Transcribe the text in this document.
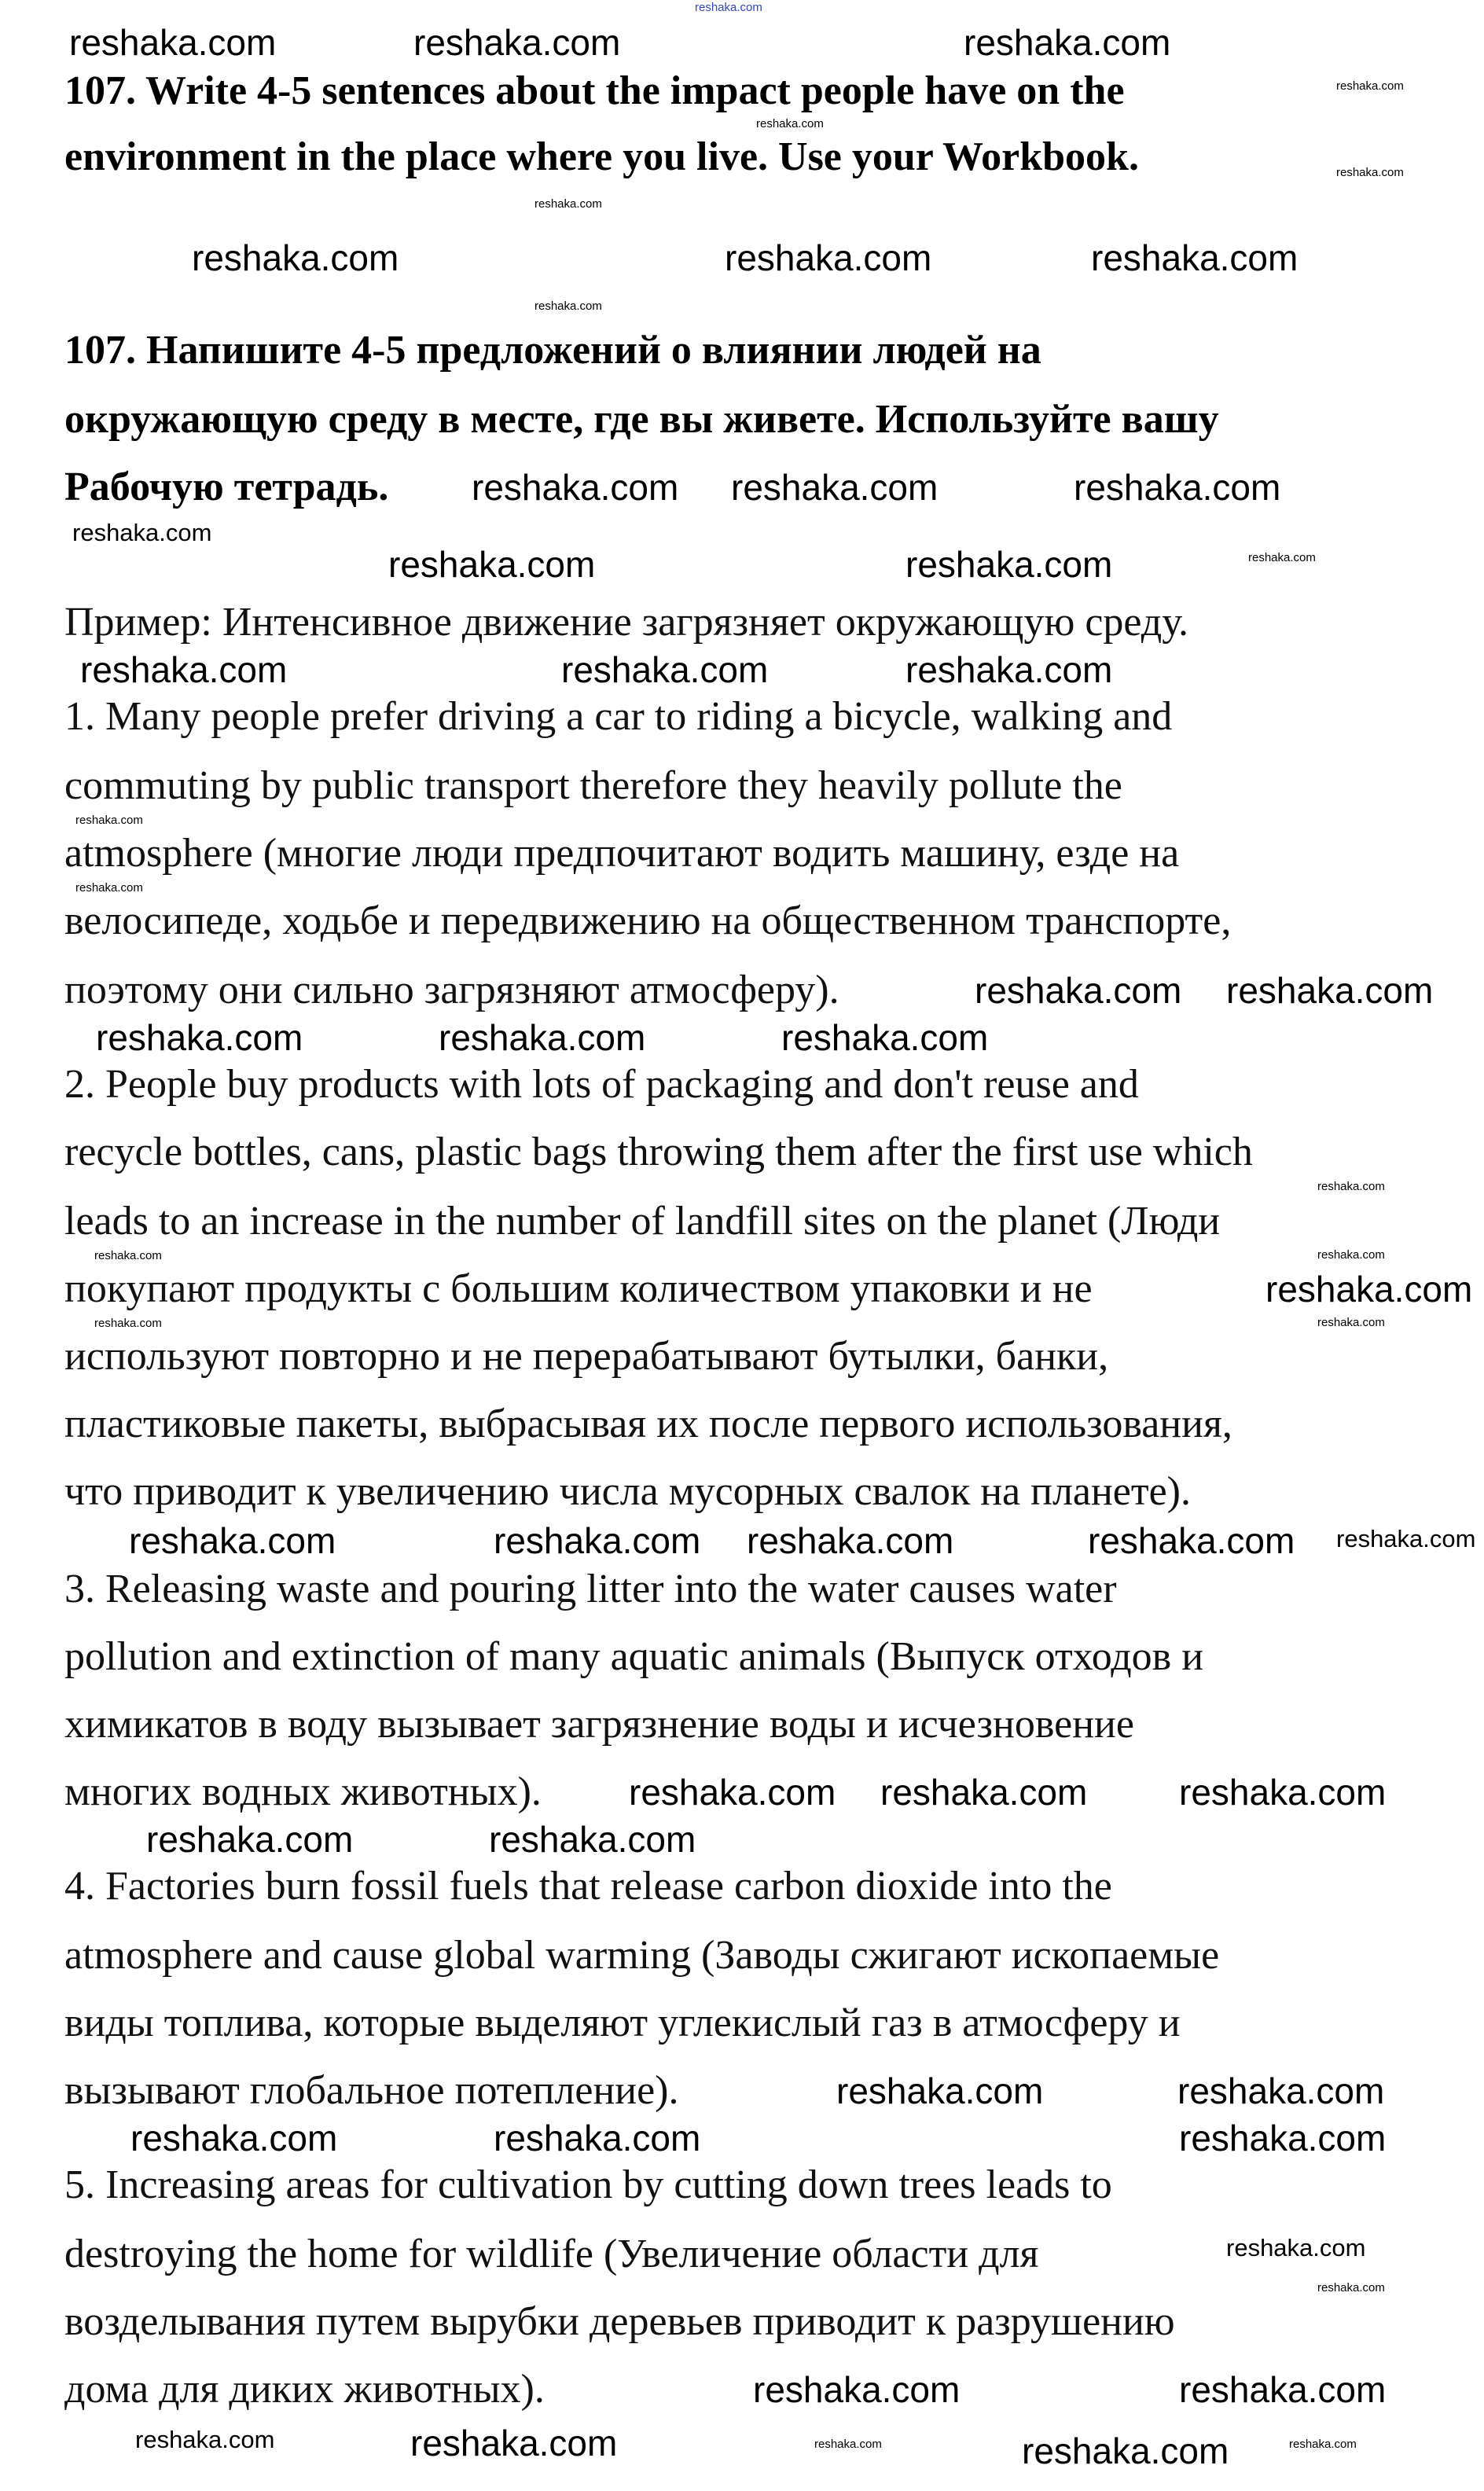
reshaka.com
107. Write 4-5 sentences about the impact people have on the
environment in the place where you live. Use your Workbook.
107. Напишите 4-5 предложений о влиянии людей на
окружающую среду в месте, где вы живете. Используйте вашу
Рабочую тетрадь.
Пример: Интенсивное движение загрязняет окружающую среду.
1. Many people prefer driving a car to riding a bicycle, walking and
commuting by public transport therefore they heavily pollute the
atmosphere (многие люди предпочитают водить машину, езде на
велосипеде, ходьбе и передвижению на общественном транспорте,
поэтому они сильно загрязняют атмосферу).
2. People buy products with lots of packaging and don't reuse and
recycle bottles, cans, plastic bags throwing them after the first use which
leads to an increase in the number of landfill sites on the planet (Люди
покупают продукты с большим количеством упаковки и не
используют повторно и не перерабатывают бутылки, банки,
пластиковые пакеты, выбрасывая их после первого использования,
что приводит к увеличению числа мусорных свалок на планете).
3. Releasing waste and pouring litter into the water causes water
pollution and extinction of many aquatic animals (Выпуск отходов и
химикатов в воду вызывает загрязнение воды и исчезновение
многих водных животных).
4. Factories burn fossil fuels that release carbon dioxide into the
atmosphere and cause global warming (Заводы сжигают ископаемые
виды топлива, которые выделяют углекислый газ в атмосферу и
вызывают глобальное потепление).
5. Increasing areas for cultivation by cutting down trees leads to
destroying the home for wildlife (Увеличение области для
возделывания путем вырубки деревьев приводит к разрушению
дома для диких животных).
reshaka.com	reshaka.com	reshaka.com
reshaka.com
reshaka.com
reshaka.com
reshaka.com
reshaka.com	reshaka.com	reshaka.com
reshaka.com
reshaka.com reshaka.com	reshaka.com
reshaka.com
reshaka.com	reshaka.com	reshaka.com
reshaka.com	reshaka.com	reshaka.com
reshaka.com
reshaka.com
reshaka.com reshaka.com
reshaka.com	reshaka.com	reshaka.com
reshaka.com
reshaka.com
reshaka.com
reshaka.com
reshaka.com
reshaka.com
reshaka.com	reshaka.com reshaka.com	reshaka.com reshaka.com
reshaka.com reshaka.com	reshaka.com
reshaka.com	reshaka.com
reshaka.com	reshaka.com
reshaka.com	reshaka.com	reshaka.com
reshaka.com
reshaka.com
reshaka.com	reshaka.com
reshaka.com
reshaka.com	reshaka.com	reshaka.com	reshaka.com
